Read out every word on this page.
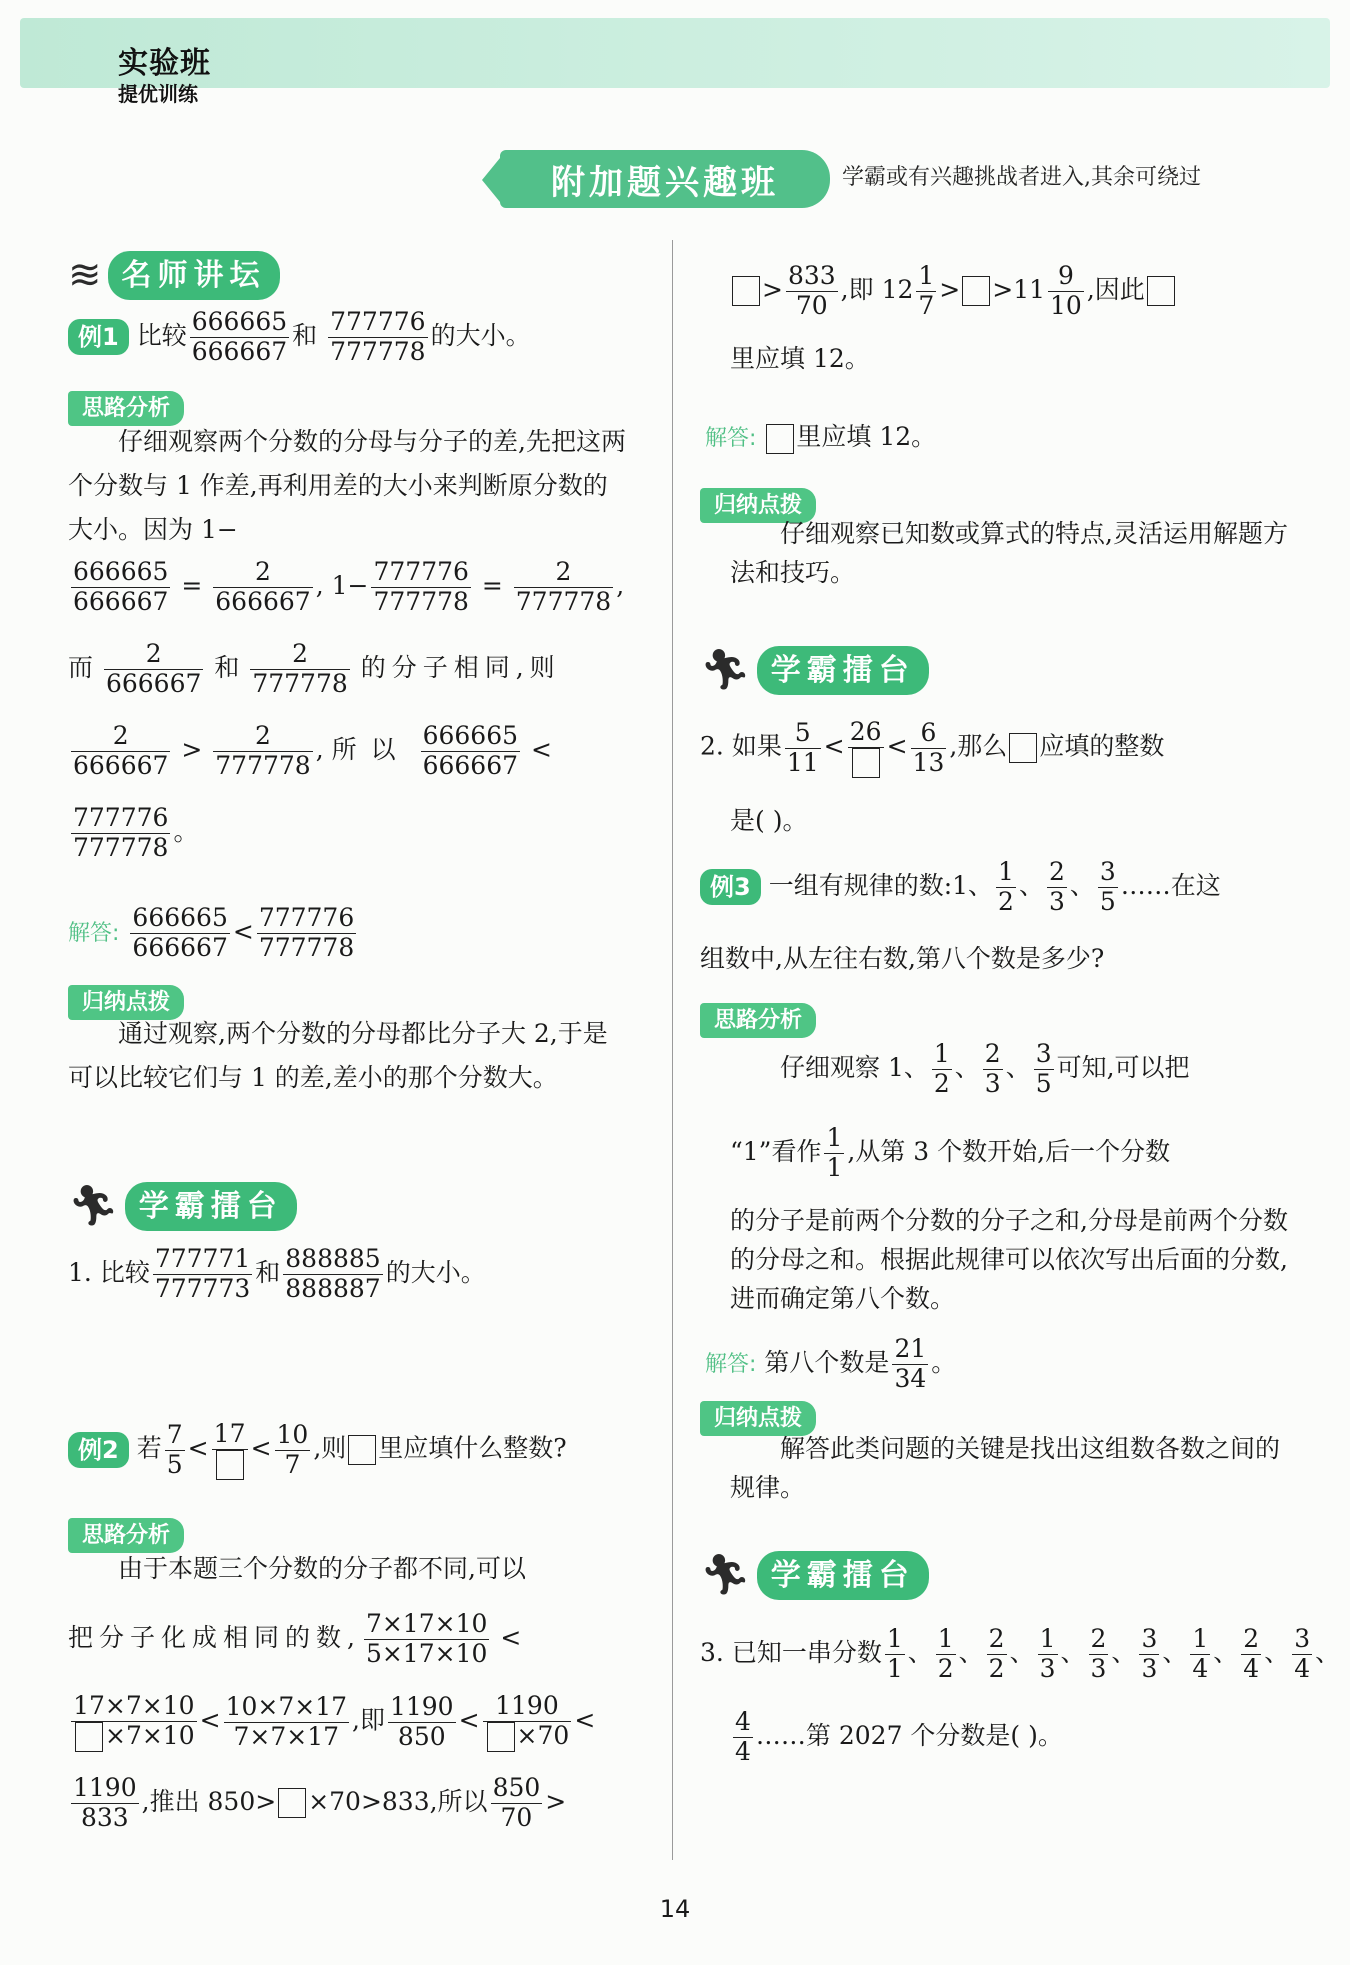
实验班
提优训练
附加题兴趣班	学霸或有兴趣挑战者进入,其余可绕过
≋ 名师讲坛
例1 比较 $\frac{666665}{666667}$ 和 $\frac{777776}{777778}$ 的大小。
思路分析

仔细观察两个分数的分母与分子的差,先把这两个分数与 1 作差,再利用差的大小来判断原分数的大小。因为 1−

$\frac{666665}{666667} = \frac{2}{666667}$ , $1- \frac{777776}{777778} = \frac{2}{777778}$ ,
而 $\frac{2}{666667}$ 和 $\frac{2}{777778}$ 的分子相同,则
$\frac{2}{666667} > \frac{2}{777778}$ , 所以 $\frac{666665}{666667}$ <
$\frac{777776}{777778}$ 。
解答: $\frac{666665}{666667} < \frac{777776}{777778}$
归纳点拨

通过观察,两个分数的分母都比分子大 2,于是可以比较它们与 1 的差,差小的那个分数大。

🏃︎ 学霸擂台
1. 比较 $\frac{777771}{777773}$ 和 $\frac{888885}{888887}$ 的大小。
例2 若 $\frac{7}{5}$ <
17
< $\frac{10}{7}$ ,则 里应填什么整数?
思路分析

由于本题三个分数的分子都不同,可以

把分子化成相同的数, $\frac{7\times 17\times 10}{5\times 17\times 10}$ <
$\frac{17\times 7\times 10}{\times 7\times 10} < \frac{10\times 7\times 17}{7\times 7\times 17}$ ,即 $\frac{1190}{850} < \frac{1190}{\times 70}$ <
$\frac{1190}{833}$ ,推出 850> ×70>833,所以 $\frac{850}{70}$ >
> $\frac{833}{70}$ ,即 $12 \frac{1}{7} > >11 \frac{9}{10}$ ,因此
里应填 12。
解答: 里应填 12。
归纳点拨

仔细观察已知数或算式的特点,灵活运用解题方法和技巧。

🏃︎ 学霸擂台
2. 如果 $\frac{5}{11}$ <
26
< $\frac{6}{13}$ ,那么 应填的整数
是( )。
例3 一组有规律的数:1、 $\frac{1}{2}$ 、 $\frac{2}{3}$ 、 $\frac{3}{5}$ ……在这
组数中,从左往右数,第八个数是多少?
思路分析
仔细观察 1、 $\frac{1}{2}$ 、 $\frac{2}{3}$ 、 $\frac{3}{5}$ 可知,可以把
“1”看作 $\frac{1}{1}$ ,从第 3 个数开始,后一个分数
的分子是前两个分数的分子之和,分母是前两个分数的分母之和。根据此规律可以依次写出后面的分数,进而确定第八个数。
解答: 第八个数是 $\frac{21}{34}$ 。
归纳点拨

解答此类问题的关键是找出这组数各数之间的规律。

🏃︎ 学霸擂台
3. 已知一串分数 $\frac{1}{1}$ 、 $\frac{1}{2}$ 、 $\frac{2}{2}$ 、 $\frac{1}{3}$ 、 $\frac{2}{3}$ 、 $\frac{3}{3}$ 、 $\frac{1}{4}$ 、 $\frac{2}{4}$ 、 $\frac{3}{4}$ 、
$\frac{4}{4}$ ……第 2027 个分数是( )。
14
